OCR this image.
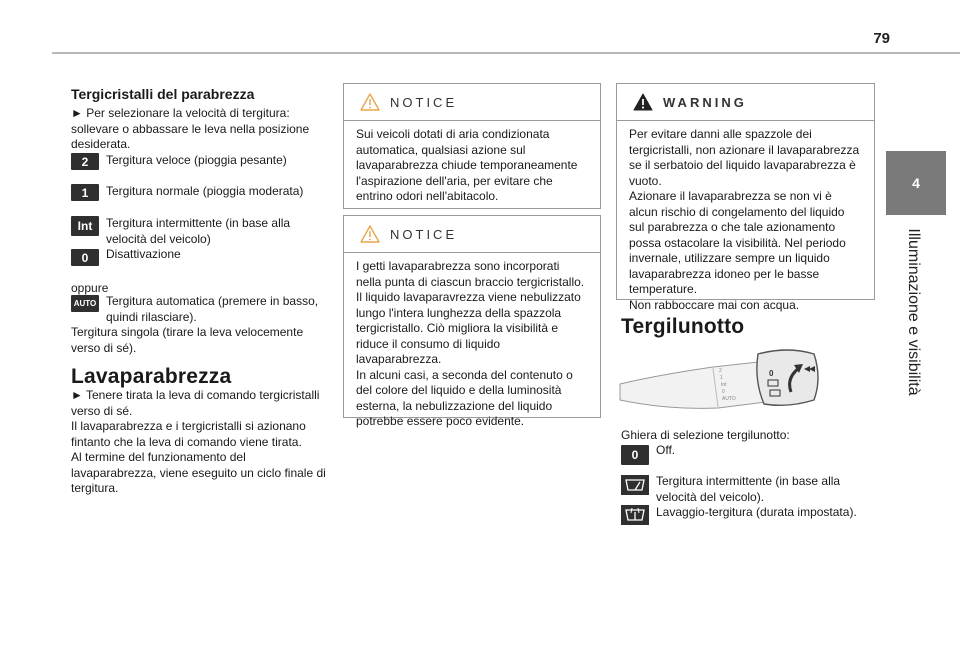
79
4
Illuminazione e visibilità
Tergicristalli del parabrezza
► Per selezionare la velocità di tergitura: sollevare o abbassare le leva nella posizione desiderata.
2	Tergitura veloce (pioggia pesante)
1	Tergitura normale (pioggia moderata)
Int	Tergitura intermittente (in base alla velocità del veicolo)
0	Disattivazione
oppure
AUTO Tergitura automatica (premere in basso, quindi rilasciare).
Tergitura singola (tirare la leva velocemente verso di sé).
Lavaparabrezza
► Tenere tirata la leva di comando tergicristalli verso di sé.
Il lavaparabrezza e i tergicristalli si azionano fintanto che la leva di comando viene tirata.
Al termine del funzionamento del lavaparabrezza, viene eseguito un ciclo finale di tergitura.
NOTICE
Sui veicoli dotati di aria condizionata automatica, qualsiasi azione sul lavaparabrezza chiude temporaneamente l'aspirazione dell'aria, per evitare che entrino odori nell'abitacolo.
NOTICE
I getti lavaparabrezza sono incorporati nella punta di ciascun braccio tergicristallo.
Il liquido lavaparavrezza viene nebulizzato lungo l'intera lunghezza della spazzola tergicristallo. Ciò migliora la visibilità e riduce il consumo di liquido lavaparabrezza.
In alcuni casi, a seconda del contenuto o del colore del liquido e della luminosità esterna, la nebulizzazione del liquido potrebbe essere poco evidente.
WARNING
Per evitare danni alle spazzole dei tergicristalli, non azionare il lavaparabrezza se il serbatoio del liquido lavaparabrezza è vuoto.
Azionare il lavaparabrezza se non vi è alcun rischio di congelamento del liquido sul parabrezza o che tale azionamento possa ostacolare la visibilità. Nel periodo invernale, utilizzare sempre un liquido lavaparabrezza idoneo per le basse temperature.
Non rabboccare mai con acqua.
Tergilunotto
2
1
Int
0
AUTO
0
Ghiera di selezione tergilunotto:
0	Off.
Tergitura intermittente (in base alla velocità del veicolo).
Lavaggio-tergitura (durata impostata).
